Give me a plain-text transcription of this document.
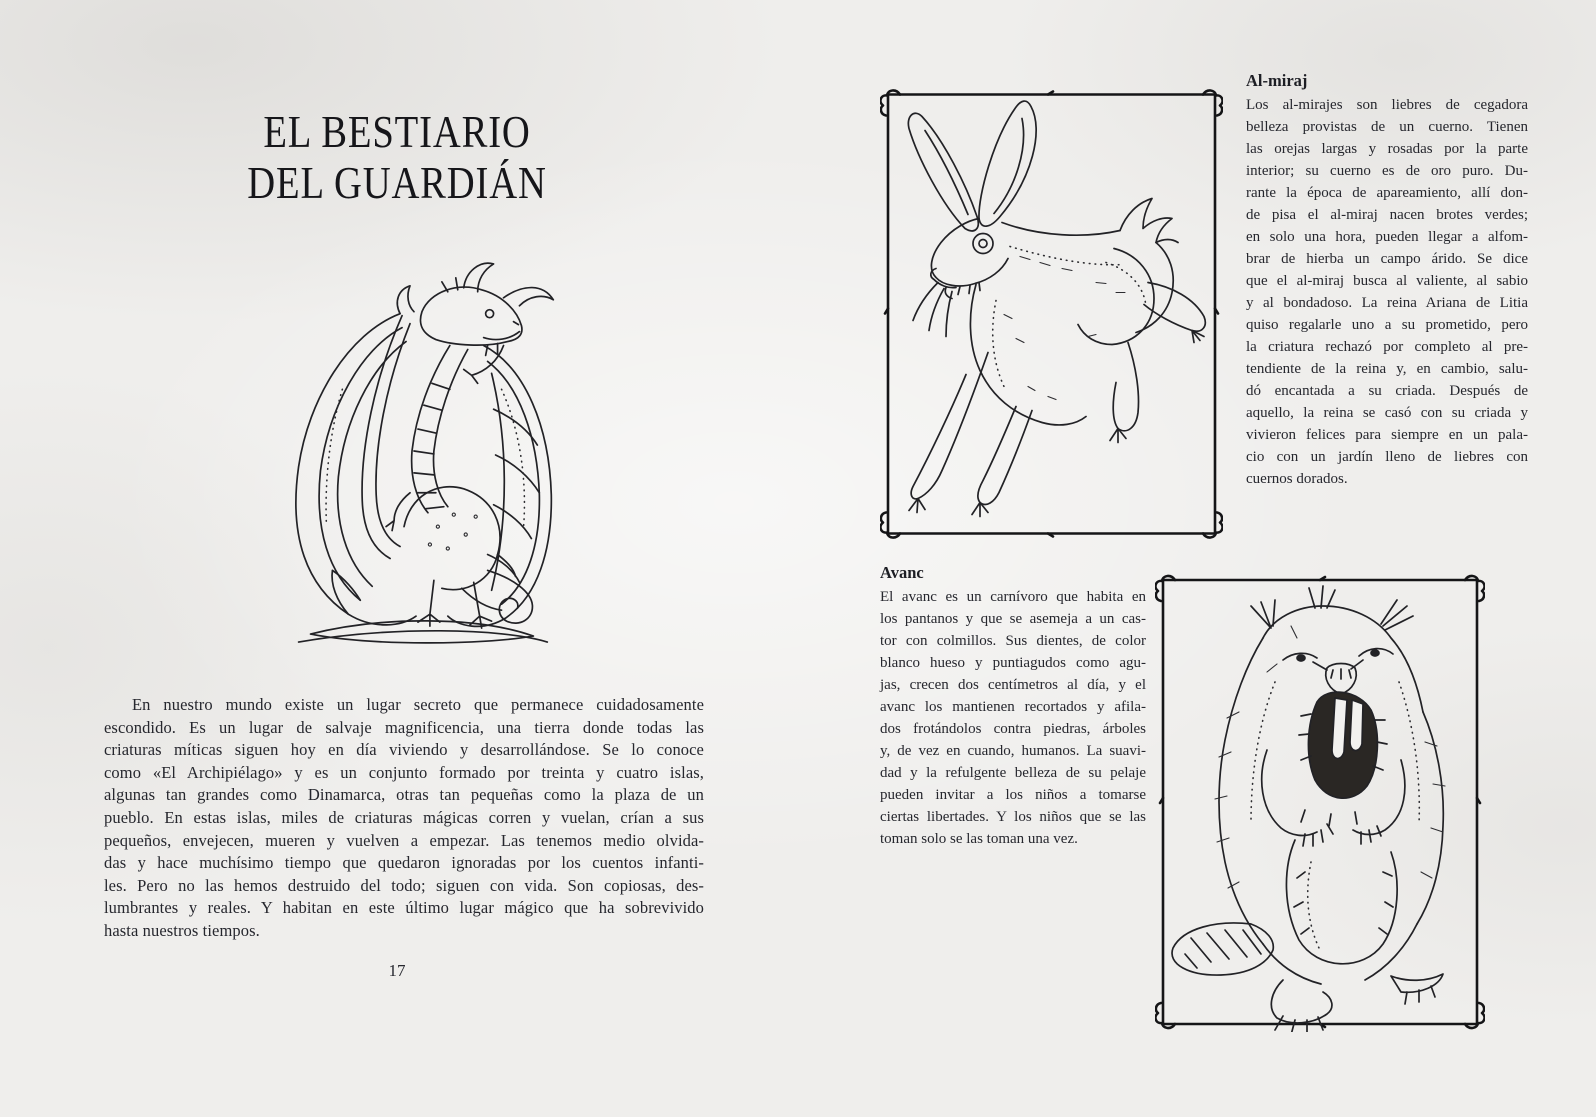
EL BESTIARIO
DEL GUARDIÁN
En nuestro mundo existe un lugar secreto que permanece cuidadosamente
escondido. Es un lugar de salvaje magnificencia, una tierra donde todas las
criaturas míticas siguen hoy en día viviendo y desarrollándose. Se lo conoce
como «El Archipiélago» y es un conjunto formado por treinta y cuatro islas,
algunas tan grandes como Dinamarca, otras tan pequeñas como la plaza de un
pueblo. En estas islas, miles de criaturas mágicas corren y vuelan, crían a sus
pequeños, envejecen, mueren y vuelven a empezar. Las tenemos medio olvida-
das y hace muchísimo tiempo que quedaron ignoradas por los cuentos infanti-
les. Pero no las hemos destruido del todo; siguen con vida. Son copiosas, des-
lumbrantes y reales. Y habitan en este último lugar mágico que ha sobrevivido
hasta nuestros tiempos.
17
Al-miraj
Los al-mirajes son liebres de cegadora
belleza provistas de un cuerno. Tienen
las orejas largas y rosadas por la parte
interior; su cuerno es de oro puro. Du-
rante la época de apareamiento, allí don-
de pisa el al-miraj nacen brotes verdes;
en solo una hora, pueden llegar a alfom-
brar de hierba un campo árido. Se dice
que el al-miraj busca al valiente, al sabio
y al bondadoso. La reina Ariana de Litia
quiso regalarle uno a su prometido, pero
la criatura rechazó por completo al pre-
tendiente de la reina y, en cambio, salu-
dó encantada a su criada. Después de
aquello, la reina se casó con su criada y
vivieron felices para siempre en un pala-
cio con un jardín lleno de liebres con
cuernos dorados.
Avanc
El avanc es un carnívoro que habita en
los pantanos y que se asemeja a un cas-
tor con colmillos. Sus dientes, de color
blanco hueso y puntiagudos como agu-
jas, crecen dos centímetros al día, y el
avanc los mantienen recortados y afila-
dos frotándolos contra piedras, árboles
y, de vez en cuando, humanos. La suavi-
dad y la refulgente belleza de su pelaje
pueden invitar a los niños a tomarse
ciertas libertades. Y los niños que se las
toman solo se las toman una vez.
